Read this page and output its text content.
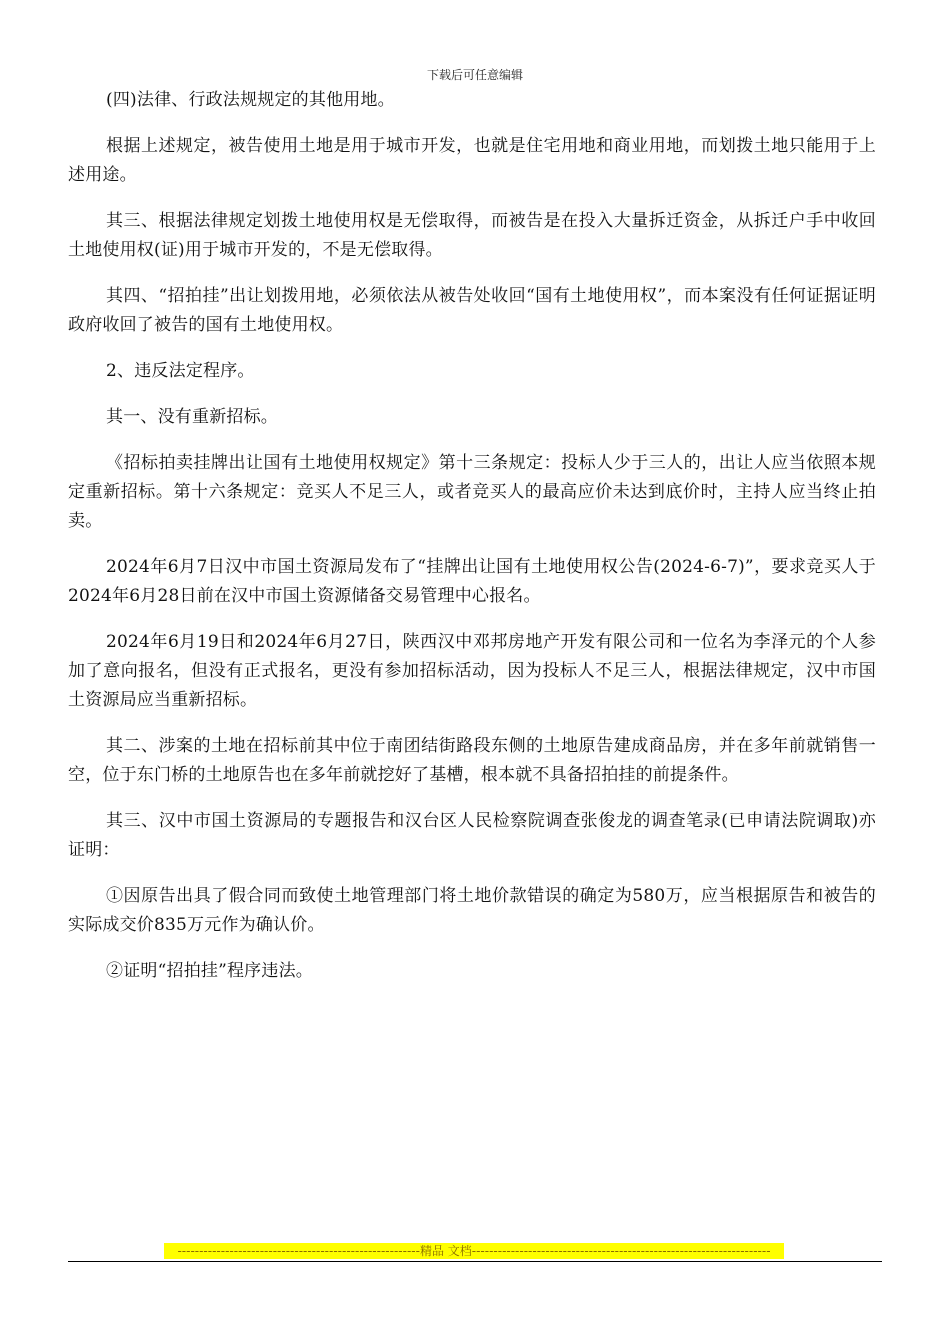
下载后可任意编辑

(四)法律、行政法规规定的其他用地。

根据上述规定，被告使用土地是用于城市开发，也就是住宅用地和商业用地，而划拨土地只能用于上述用途。

其三、根据法律规定划拨土地使用权是无偿取得，而被告是在投入大量拆迁资金，从拆迁户手中收回土地使用权(证)用于城市开发的，不是无偿取得。

其四、“招拍挂”出让划拨用地，必须依法从被告处收回“国有土地使用权”，而本案没有任何证据证明政府收回了被告的国有土地使用权。

2、违反法定程序。

其一、没有重新招标。

《招标拍卖挂牌出让国有土地使用权规定》第十三条规定：投标人少于三人的，出让人应当依照本规定重新招标。第十六条规定：竞买人不足三人，或者竞买人的最高应价未达到底价时，主持人应当终止拍卖。

2024年6月7日汉中市国土资源局发布了“挂牌出让国有土地使用权公告(2024-6-7)”，要求竞买人于2024年6月28日前在汉中市国土资源储备交易管理中心报名。

2024年6月19日和2024年6月27日，陕西汉中邓邦房地产开发有限公司和一位名为李泽元的个人参加了意向报名，但没有正式报名，更没有参加招标活动，因为投标人不足三人，根据法律规定，汉中市国土资源局应当重新招标。

其二、涉案的土地在招标前其中位于南团结街路段东侧的土地原告建成商品房，并在多年前就销售一空，位于东门桥的土地原告也在多年前就挖好了基槽，根本就不具备招拍挂的前提条件。

其三、汉中市国土资源局的专题报告和汉台区人民检察院调查张俊龙的调查笔录(已申请法院调取)亦证明：

①因原告出具了假合同而致使土地管理部门将土地价款错误的确定为580万，应当根据原告和被告的实际成交价835万元作为确认价。

②证明“招拍挂”程序违法。

--------------------------------------------------------精品 文档---------------------------------------------------------------------
